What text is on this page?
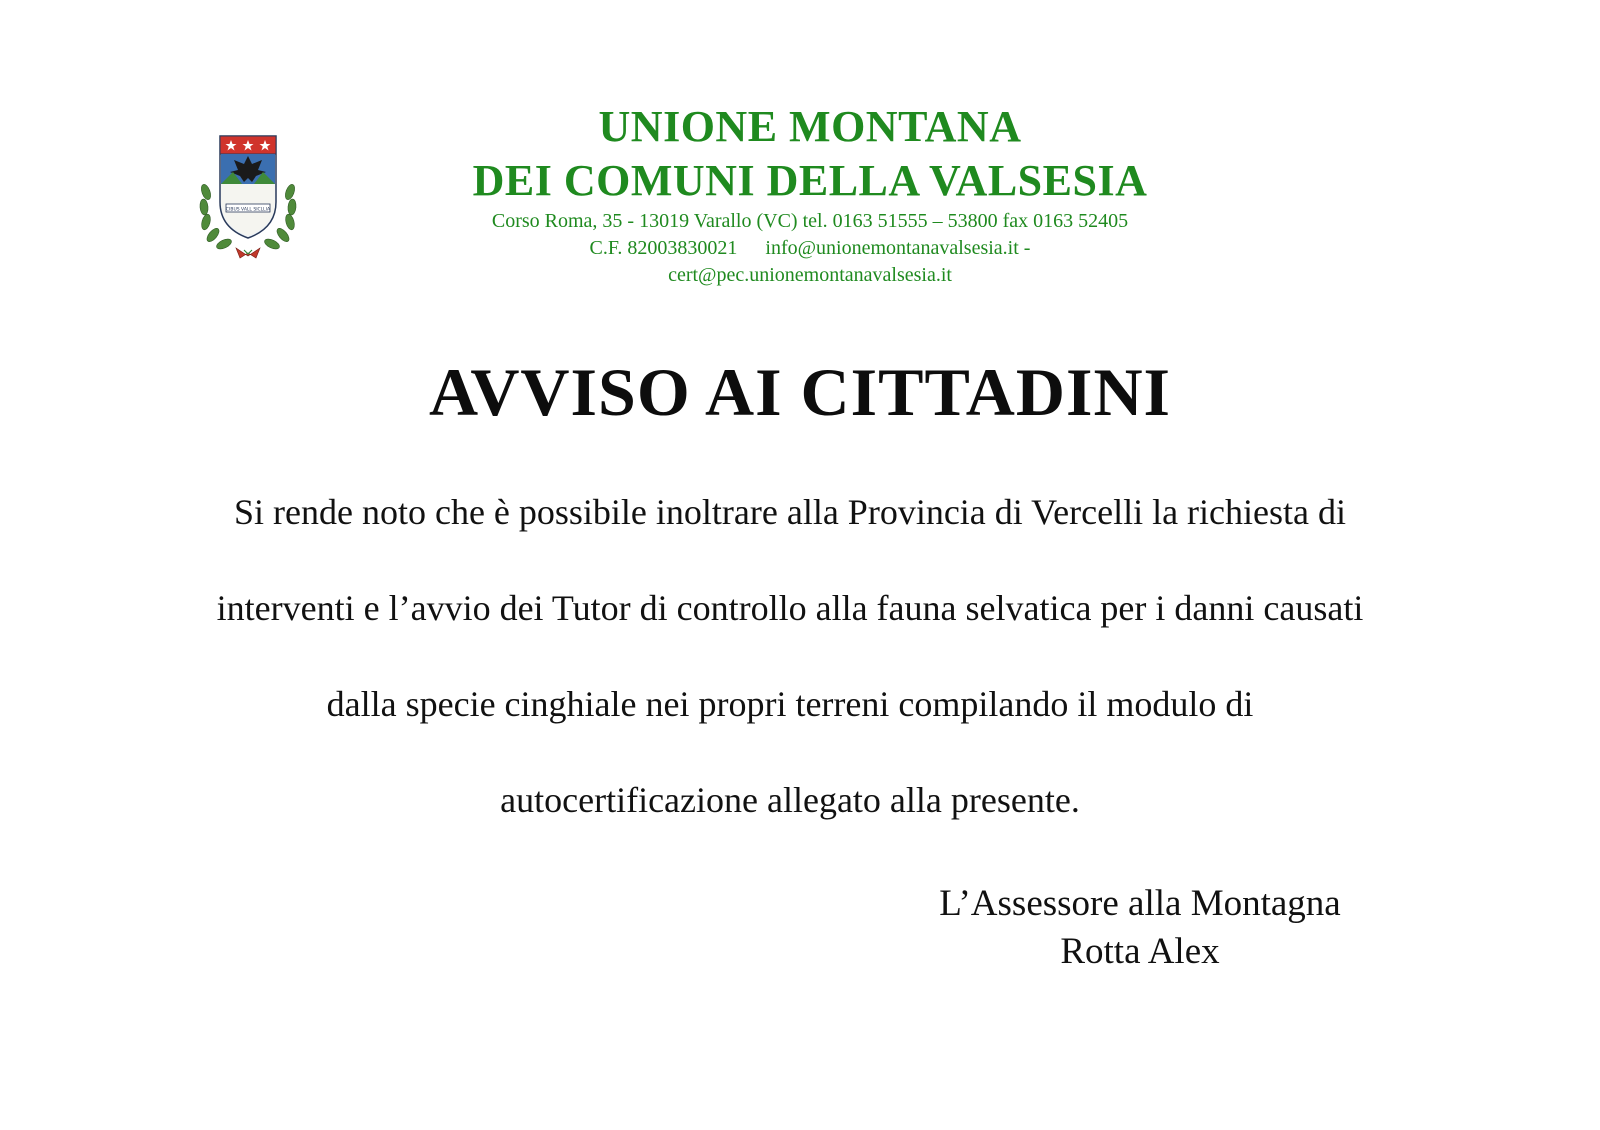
CIBUS VALL SICLLIA
UNIONE MONTANA
DEI COMUNI DELLA VALSESIA
Corso Roma, 35 - 13019 Varallo (VC) tel. 0163 51555 – 53800 fax 0163 52405
C.F. 82003830021 info@unionemontanavalsesia.it -
cert@pec.unionemontanavalsesia.it
AVVISO AI CITTADINI
Si rende noto che è possibile inoltrare alla Provincia di Vercelli la richiesta di
interventi e l’avvio dei Tutor di controllo alla fauna selvatica per i danni causati
dalla specie cinghiale nei propri terreni compilando il modulo di
autocertificazione allegato alla presente.
L’Assessore alla Montagna
Rotta Alex
